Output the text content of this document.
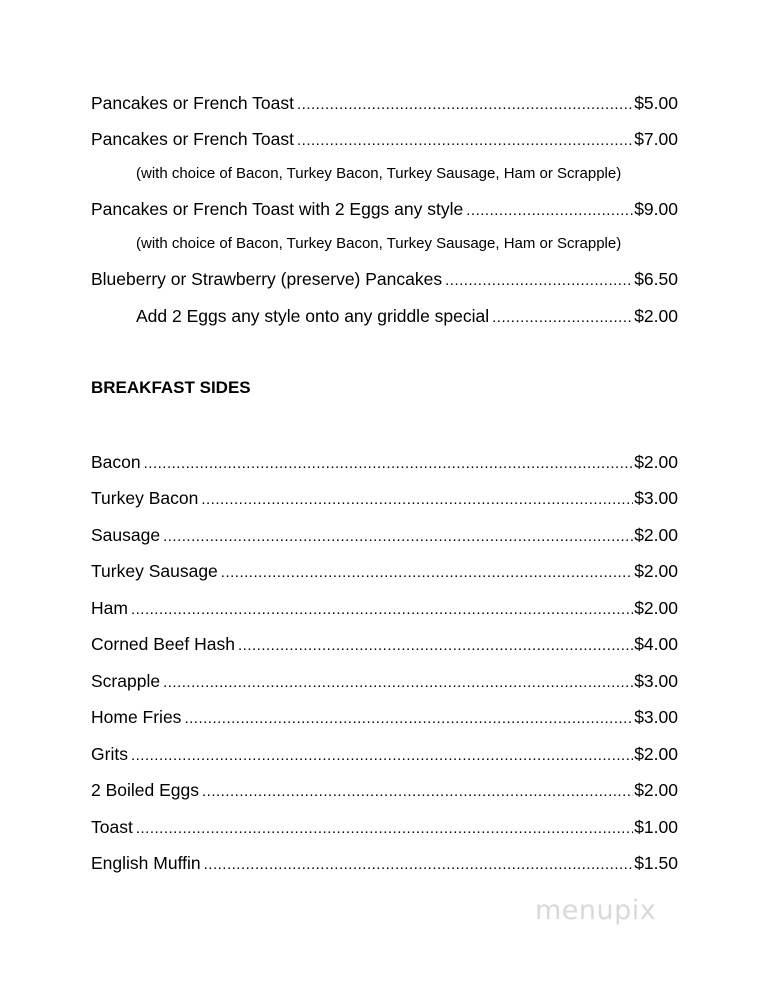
Pancakes or French Toast .....	$5.00
Pancakes or French Toast .....	$7.00
(with choice of Bacon, Turkey Bacon, Turkey Sausage, Ham or Scrapple)
Pancakes or French Toast with 2 Eggs any style .....	$9.00
(with choice of Bacon, Turkey Bacon, Turkey Sausage, Ham or Scrapple)
Blueberry or Strawberry (preserve) Pancakes .....	$6.50
Add 2 Eggs any style onto any griddle special .....	$2.00
BREAKFAST SIDES
Bacon .....	$2.00
Turkey Bacon .....	$3.00
Sausage .....	$2.00
Turkey Sausage .....	$2.00
Ham .....	$2.00
Corned Beef Hash .....	$4.00
Scrapple .....	$3.00
Home Fries .....	$3.00
Grits .....	$2.00
2 Boiled Eggs .....	$2.00
Toast .....	$1.00
English Muffin .....	$1.50
menupix
